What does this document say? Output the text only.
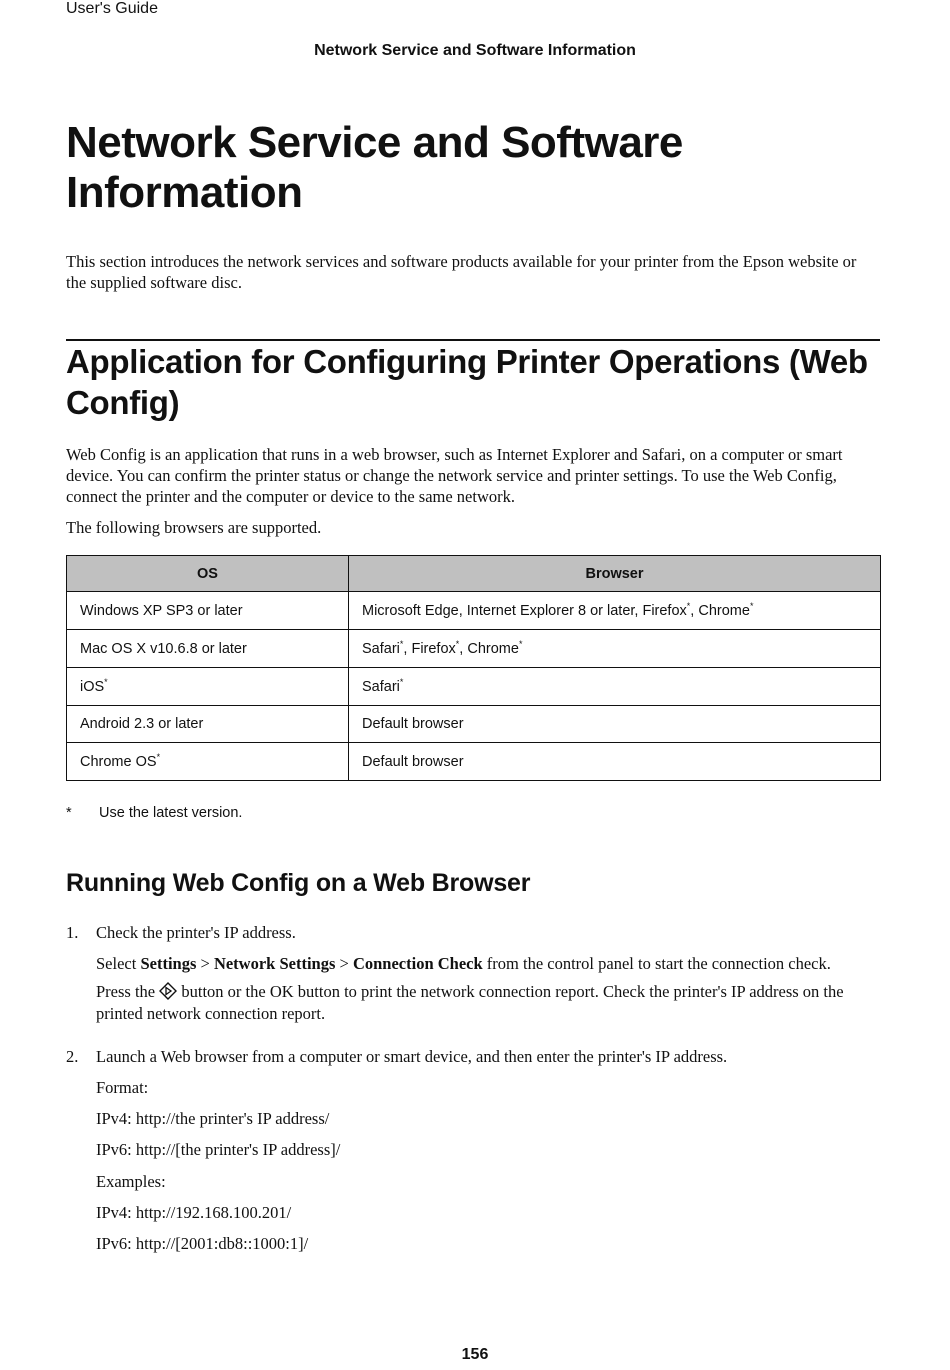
User's Guide
Network Service and Software Information
Network Service and Software Information
This section introduces the network services and software products available for your printer from the Epson website or the supplied software disc.
Application for Configuring Printer Operations (Web Config)
Web Config is an application that runs in a web browser, such as Internet Explorer and Safari, on a computer or smart device. You can confirm the printer status or change the network service and printer settings. To use the Web Config, connect the printer and the computer or device to the same network.
The following browsers are supported.
OS	Browser
Windows XP SP3 or later	Microsoft Edge, Internet Explorer 8 or later, Firefox*, Chrome*
Mac OS X v10.6.8 or later	Safari*, Firefox*, Chrome*
iOS*	Safari*
Android 2.3 or later	Default browser
Chrome OS*	Default browser
* Use the latest version.
Running Web Config on a Web Browser
1. Check the printer's IP address.
Select Settings > Network Settings > Connection Check from the control panel to start the connection check.
Press the  button or the OK button to print the network connection report. Check the printer's IP address on the printed network connection report.
2. Launch a Web browser from a computer or smart device, and then enter the printer's IP address.
Format:
IPv4: http://the printer's IP address/
IPv6: http://[the printer's IP address]/
Examples:
IPv4: http://192.168.100.201/
IPv6: http://[2001:db8::1000:1]/
156
